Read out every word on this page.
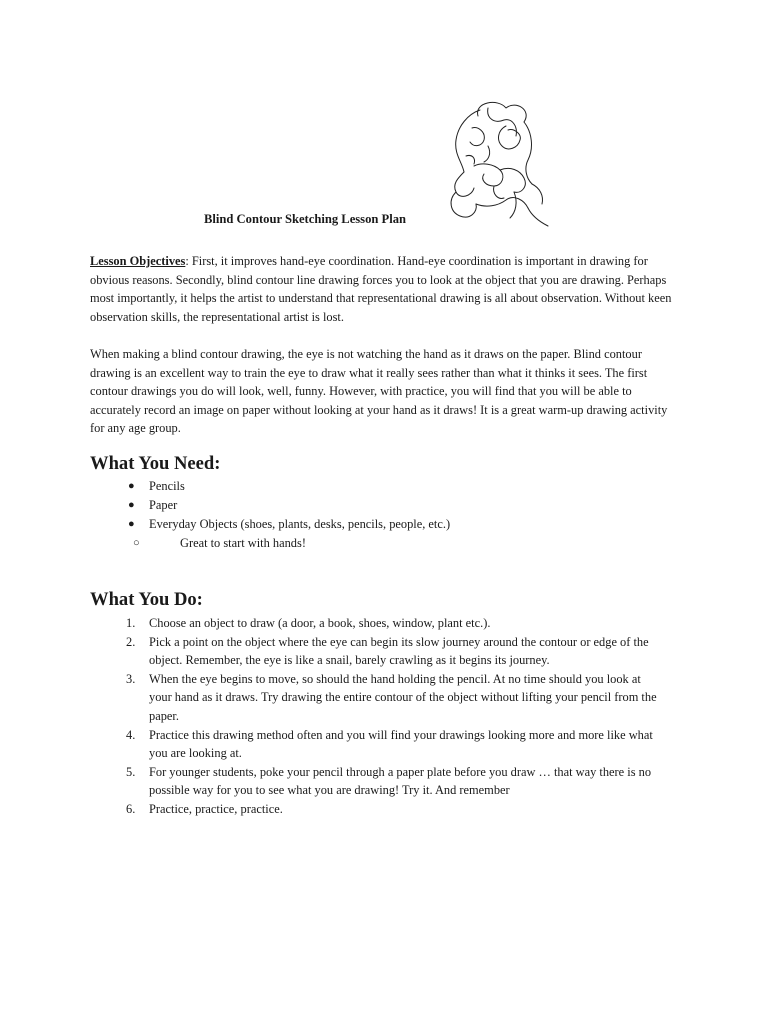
Blind Contour Sketching Lesson Plan

Lesson Objectives: First, it improves hand-eye coordination. Hand-eye coordination is important in drawing for obvious reasons. Secondly, blind contour line drawing forces you to look at the object that you are drawing. Perhaps most importantly, it helps the artist to understand that representational drawing is all about observation. Without keen observation skills, the representational artist is lost.

When making a blind contour drawing, the eye is not watching the hand as it draws on the paper. Blind contour drawing is an excellent way to train the eye to draw what it really sees rather than what it thinks it sees. The first contour drawings you do will look, well, funny. However, with practice, you will find that you will be able to accurately record an image on paper without looking at your hand as it draws! It is a great warm-up drawing activity for any age group.

What You Need:
● Pencils
● Paper
● Everyday Objects (shoes, plants, desks, pencils, people, etc.)
○	Great to start with hands!
What You Do:
1. Choose an object to draw (a door, a book, shoes, window, plant etc.).
2. Pick a point on the object where the eye can begin its slow journey around the contour or edge of the object. Remember, the eye is like a snail, barely crawling as it begins its journey.
3. When the eye begins to move, so should the hand holding the pencil. At no time should you look at your hand as it draws. Try drawing the entire contour of the object without lifting your pencil from the paper.
4. Practice this drawing method often and you will find your drawings looking more and more like what you are looking at.
5. For younger students, poke your pencil through a paper plate before you draw … that way there is no possible way for you to see what you are drawing! Try it. And remember
6. Practice, practice, practice.
